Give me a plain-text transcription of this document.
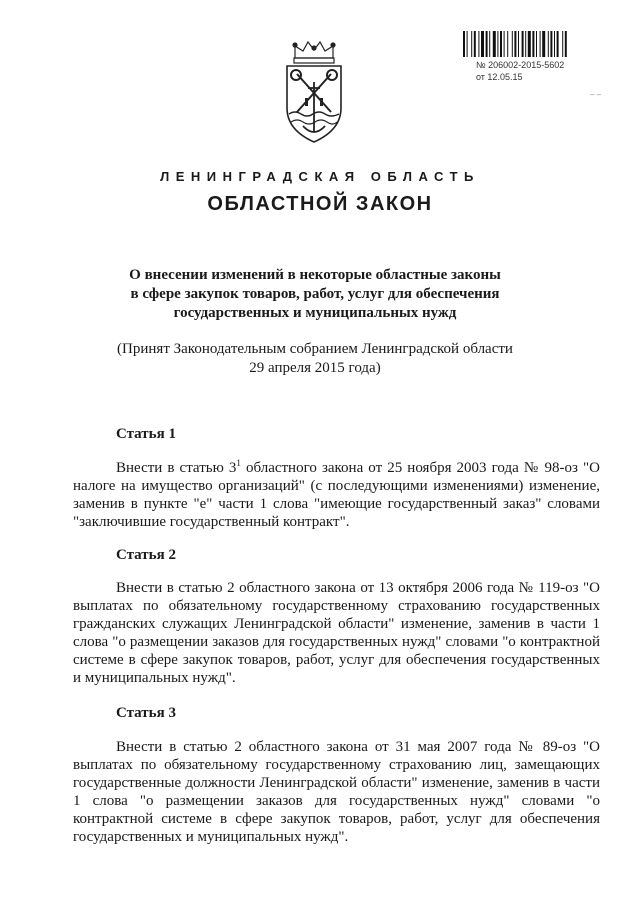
№ 206002-2015-5602
от 12.05.15
– –
ЛЕНИНГРАДСКАЯ ОБЛАСТЬ
ОБЛАСТНОЙ ЗАКОН
О внесении изменений в некоторые областные законы
в сфере закупок товаров, работ, услуг для обеспечения
государственных и муниципальных нужд
(Принят Законодательным собранием Ленинградской области
29 апреля 2015 года)
Статья 1
Внести в статью $3^1$ областного закона от 25 ноября 2003 года № 98-оз "О налоге на имущество организаций" (с последующими изменениями) изменение, заменив в пункте "е" части 1 слова "имеющие государственный заказ" словами "заключившие государственный контракт".
Статья 2
Внести в статью 2 областного закона от 13 октября 2006 года № 119-оз "О выплатах по обязательному государственному страхованию государственных гражданских служащих Ленинградской области" изменение, заменив в части 1 слова "о размещении заказов для государственных нужд" словами "о контрактной системе в сфере закупок товаров, работ, услуг для обеспечения государственных и муниципальных нужд".
Статья 3
Внести в статью 2 областного закона от 31 мая 2007 года № 89-оз "О выплатах по обязательному государственному страхованию лиц, замещающих государственные должности Ленинградской области" изменение, заменив в части 1 слова "о размещении заказов для государственных нужд" словами "о контрактной системе в сфере закупок товаров, работ, услуг для обеспечения государственных и муниципальных нужд".
